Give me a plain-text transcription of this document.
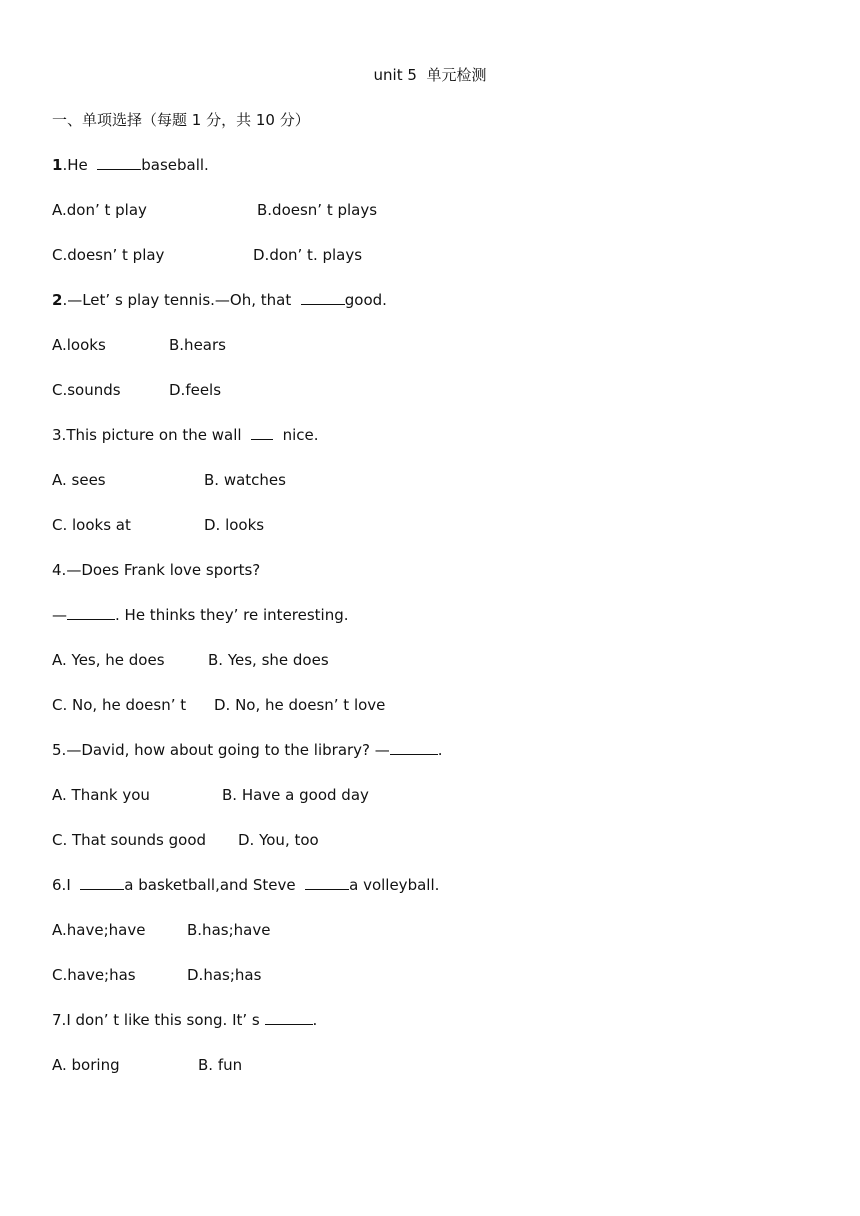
unit 5  单元检测
一、单项选择（每题 1 分，共 10 分）
1.He	baseball.
A.don’ t play	B.doesn’ t plays
C.doesn’ t play	D.don’ t. plays
2.—Let’ s play tennis.—Oh, that	good.
A.looks	B.hears
C.sounds	D.feels
3.This picture on the wall    nice.
A. sees	B. watches
C. looks at	D. looks
4.—Does Frank love sports?
—	. He thinks they’ re interesting.
A. Yes, he does	B. Yes, she does
C. No, he doesn’ t D. No, he doesn’ t love
5.—David, how about going to the library? —	.
A. Thank you	B. Have a good day
C. That sounds good D. You, too
6.I	a basketball,and Steve	a volleyball.
A.have;have	B.has;have
C.have;has	D.has;has
7.I don’ t like this song. It’ s	.
A. boring	B. fun
